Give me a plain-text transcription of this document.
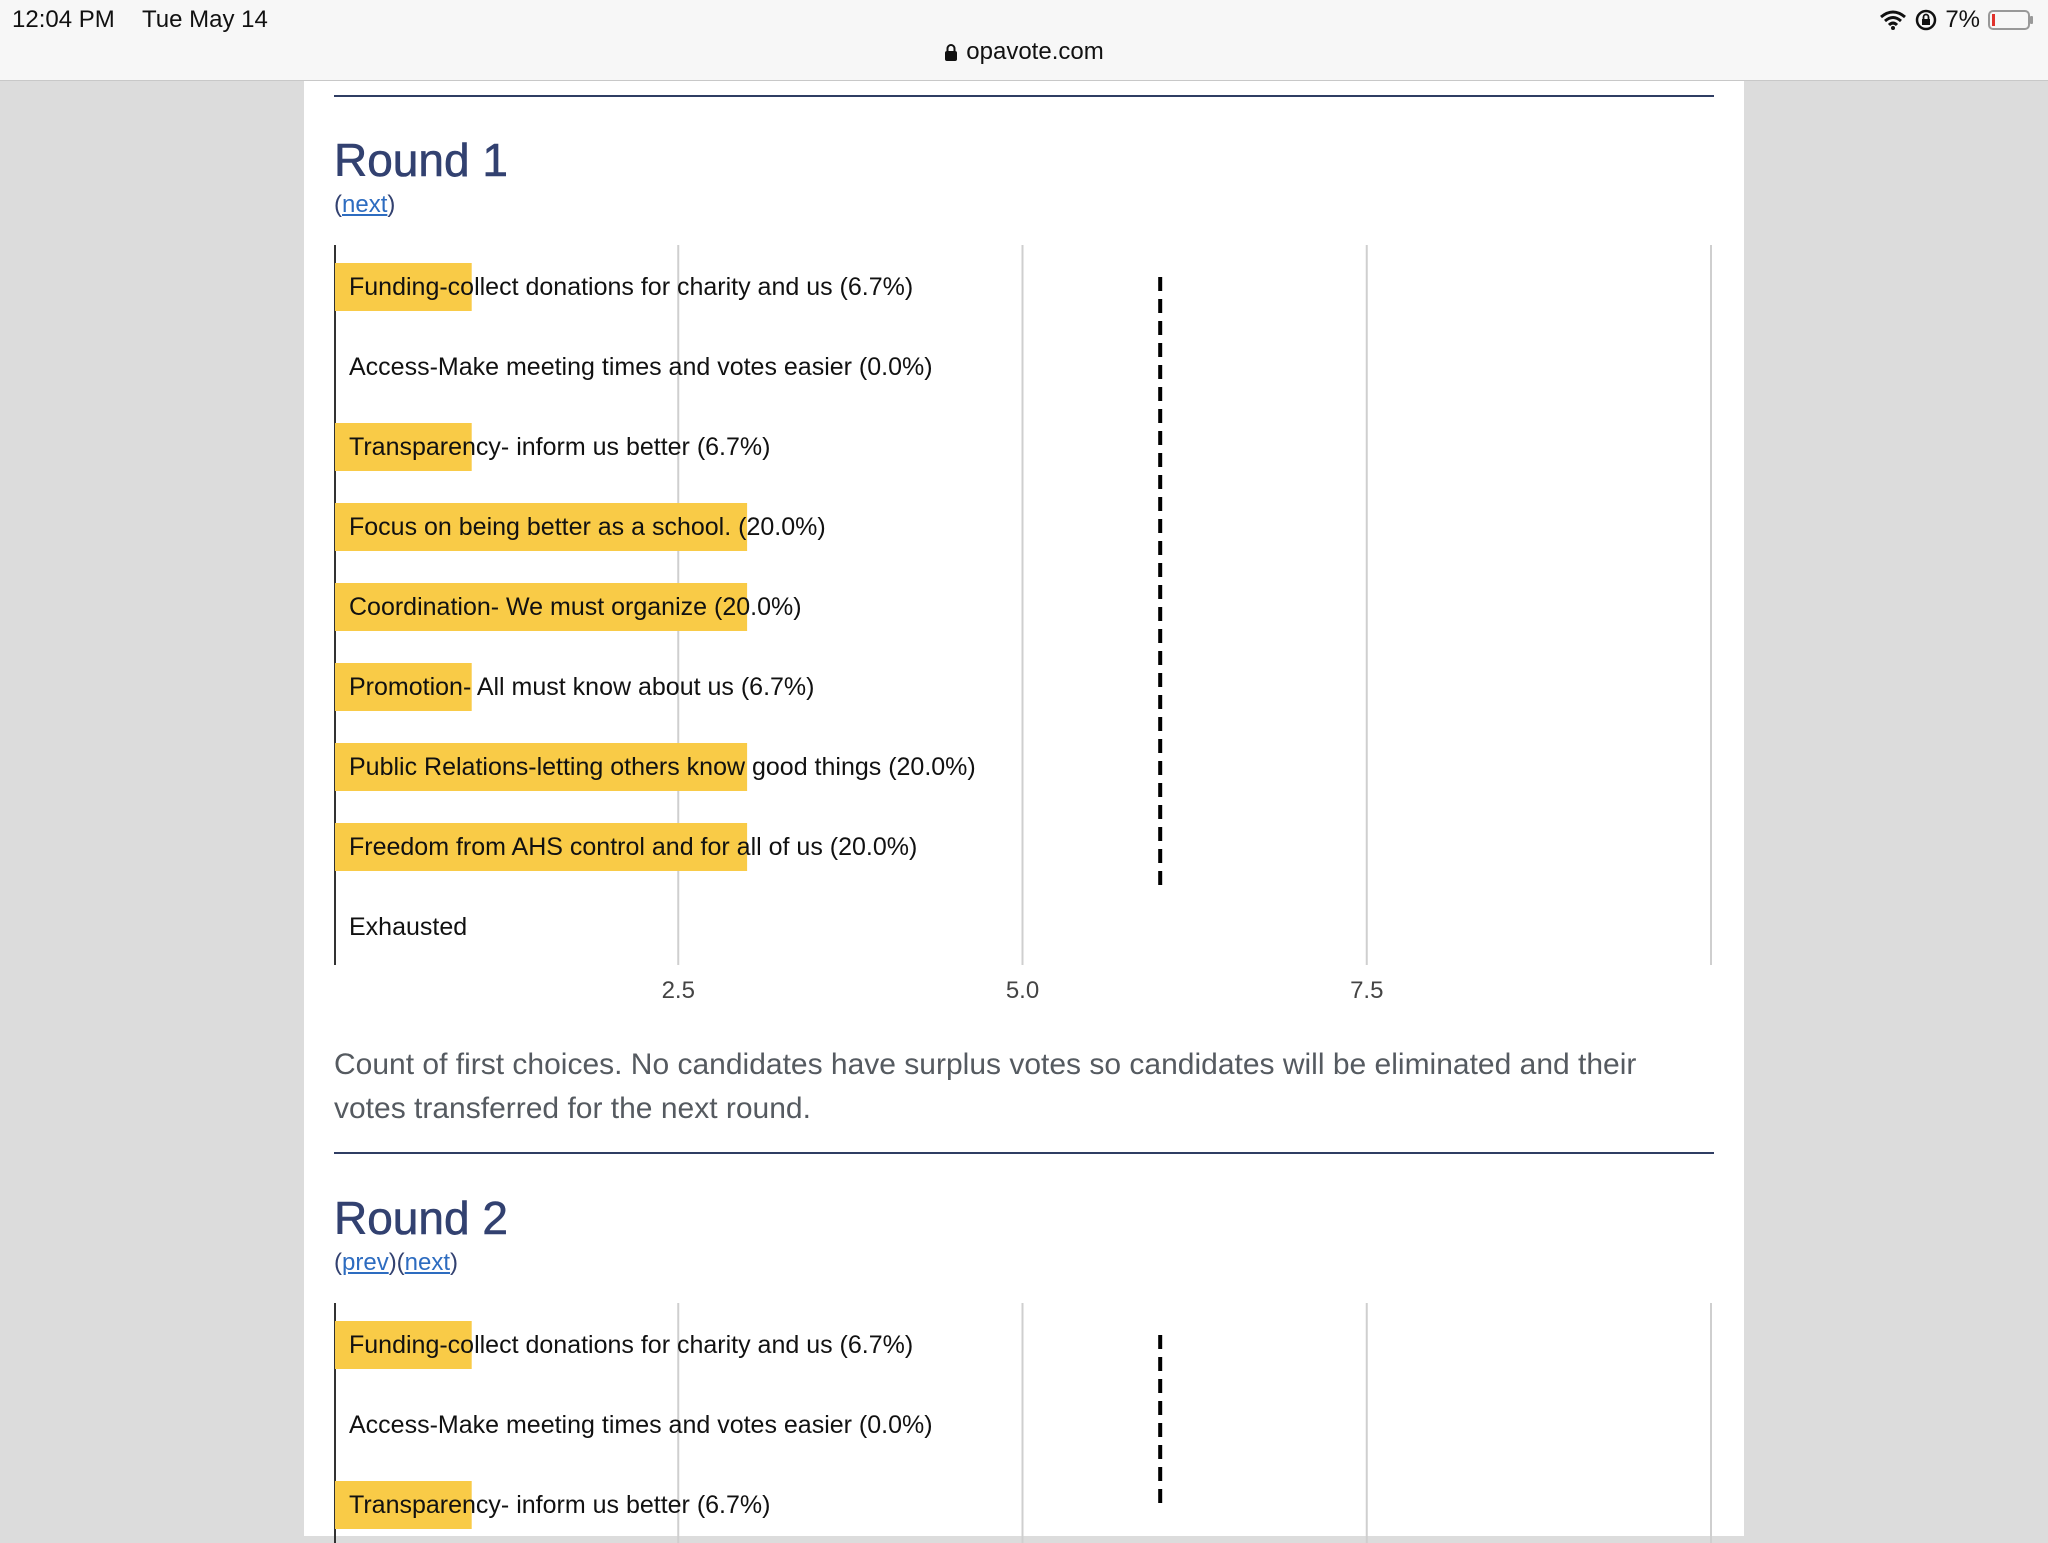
12:04 PM Tue May 14	7%
opavote.com
Round 1
(next)
Funding-collect donations for charity and us (6.7%)
Access-Make meeting times and votes easier (0.0%)
Transparency- inform us better (6.7%)
Focus on being better as a school. (20.0%)
Coordination- We must organize (20.0%)
Promotion- All must know about us (6.7%)
Public Relations-letting others know good things (20.0%)
Freedom from AHS control and for all of us (20.0%)
Exhausted
2.5	5.0	7.5

Count of first choices. No candidates have surplus votes so candidates will be eliminated and their votes transferred for the next round.

Round 2
(prev)(next)
Funding-collect donations for charity and us (6.7%)
Access-Make meeting times and votes easier (0.0%)
Transparency- inform us better (6.7%)
